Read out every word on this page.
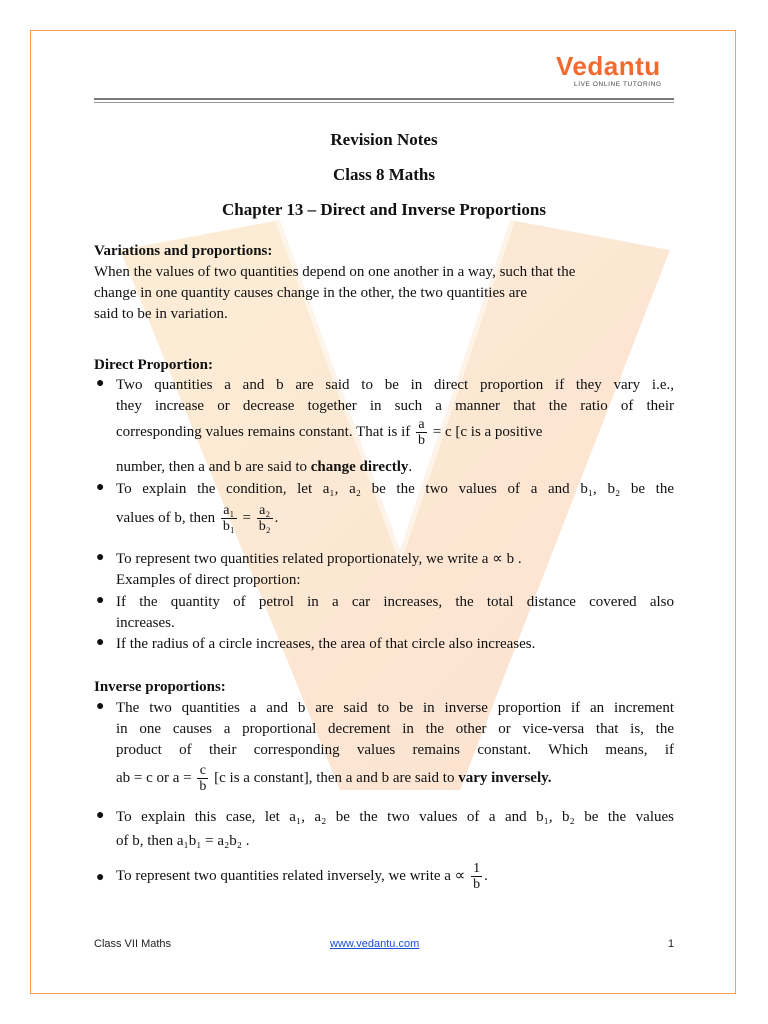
Vedantu
LIVE ONLINE TUTORING
Revision Notes
Class 8 Maths
Chapter 13 – Direct and Inverse Proportions
Variations and proportions:
When the values of two quantities depend on one another in a way, such that the
change in one quantity causes change in the other, the two quantities are
said to be in variation.
Direct Proportion:
● Two quantities a and b are said to be in direct proportion if they vary i.e.,
they increase or decrease together in such a manner that the ratio of their
corresponding values remains constant. That is if $\frac{a}{b} = c$ [c is a positive
number, then a and b are said to change directly.
● To explain the condition, let a₁, a₂ be the two values of a and b₁, b₂ be the
values of b, then $\frac{\text{a₁}}{\text{b₁}} = \frac{\text{a₂}}{\text{b₂}}$ .
● To represent two quantities related proportionately, we write a ∝ b .
Examples of direct proportion:
● If the quantity of petrol in a car increases, the total distance covered also
increases.
● If the radius of a circle increases, the area of that circle also increases.
Inverse proportions:
● The two quantities a and b are said to be in inverse proportion if an increment
in one causes a proportional decrement in the other or vice-versa that is, the
product of their corresponding values remains constant. Which means, if
ab = c or $a = \frac{c}{b} [c$ is a constant], then a and b are said to vary inversely.
● To explain this case, let a₁, a₂ be the two values of a and b₁, b₂ be the values
of b, then a₁b₁ = a₂b₂ .
● To represent two quantities related inversely, we write $a \propto \frac{1}{b}$ .
Class VII Maths	www.vedantu.com	1
